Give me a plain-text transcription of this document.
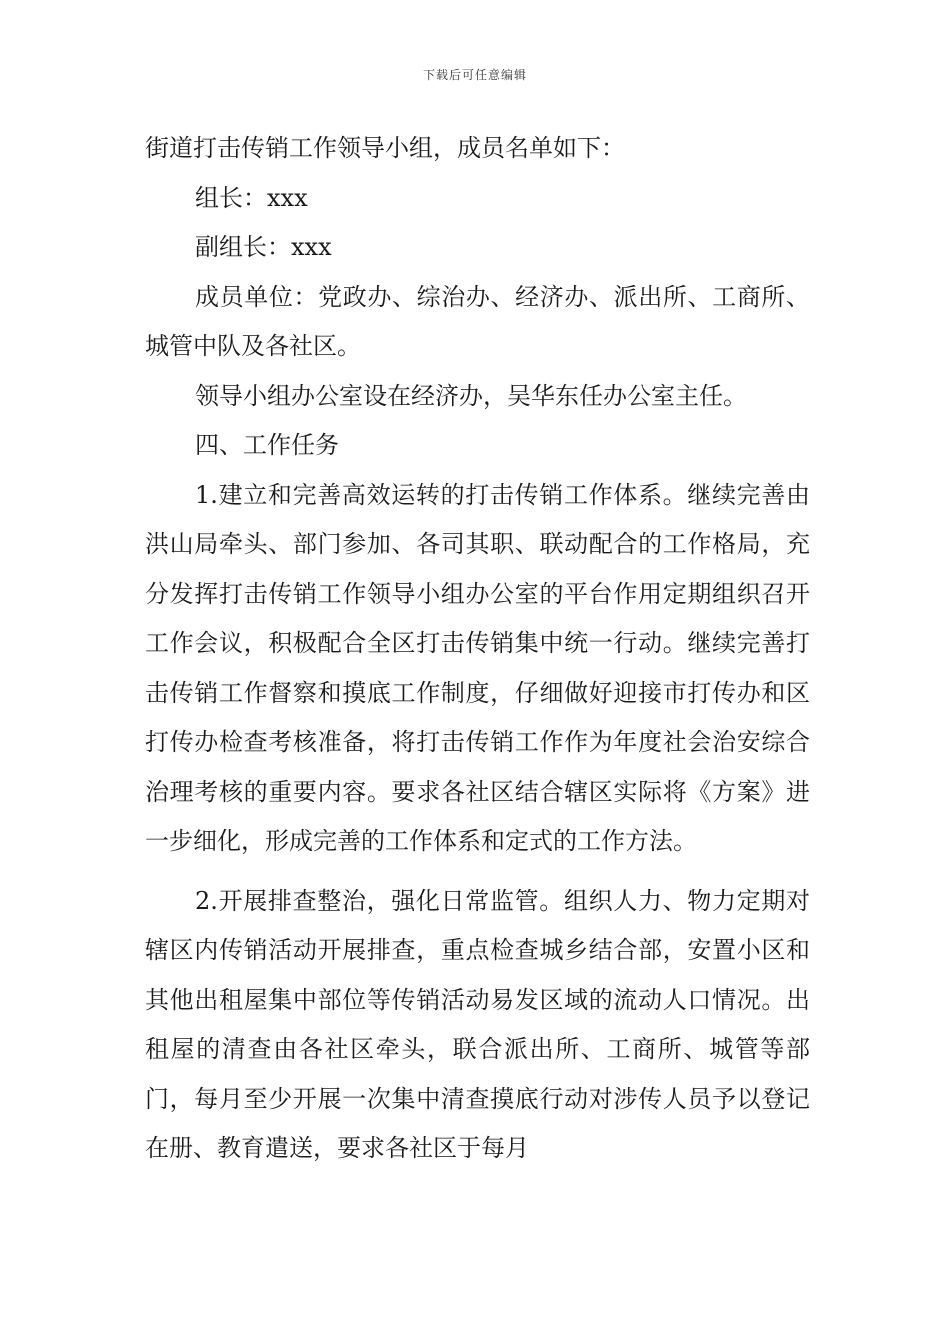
下载后可任意编辑

街道打击传销工作领导小组，成员名单如下：

组长：xxx

副组长：xxx

成员单位：党政办、综治办、经济办、派出所、工商所、城管中队及各社区。

领导小组办公室设在经济办，吴华东任办公室主任。

四、工作任务

1.建立和完善高效运转的打击传销工作体系。继续完善由洪山局牵头、部门参加、各司其职、联动配合的工作格局，充分发挥打击传销工作领导小组办公室的平台作用定期组织召开工作会议，积极配合全区打击传销集中统一行动。继续完善打击传销工作督察和摸底工作制度，仔细做好迎接市打传办和区打传办检查考核准备，将打击传销工作作为年度社会治安综合治理考核的重要内容。要求各社区结合辖区实际将《方案》进一步细化，形成完善的工作体系和定式的工作方法。

2.开展排查整治，强化日常监管。组织人力、物力定期对辖区内传销活动开展排查，重点检查城乡结合部，安置小区和其他出租屋集中部位等传销活动易发区域的流动人口情况。出租屋的清查由各社区牵头，联合派出所、工商所、城管等部门，每月至少开展一次集中清查摸底行动对涉传人员予以登记在册、教育遣送，要求各社区于每月
